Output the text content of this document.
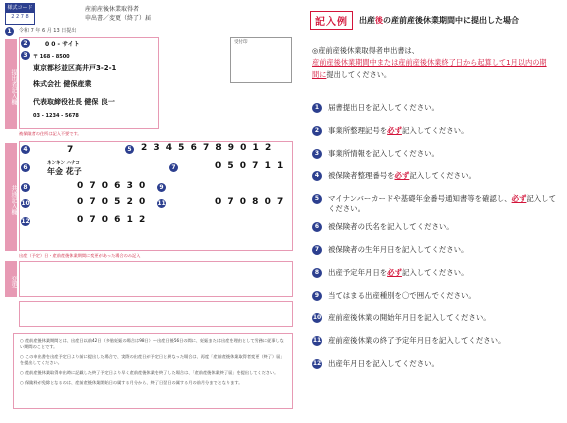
様式コード
2 2 7 8
産前産後休業取得者
申出書／変更（終了）届
1	令和 7 年 6 月 13 日提出
提出者記入欄
2	0 0 - サイト
3	〒 168 - 8500
東京都杉並区高井戸3-2-1
株式会社 健保産業
代表取締役社長 健保 良一
03 - 1234 - 5678
受付印
被保険者の住所は記入不要です。
共通記入欄
4	7	5 2 3 4 5 6 7 8 9 0 1 2
6
ネンキン ハナコ
年金 花子	7	0 5 0 7 1 1
8	0 7 0 6 3 0	9
10	0 7 0 5 2 0 11	0 7 0 8 0 7
12	0 7 0 6 1 2
出産（予定）日・産前産後休業期間に変更があった場合のみ記入
変更

○ 産前産後休業期間とは、出産日以前42日（多胎妊娠の場合は98日）～出産日後56日の間に、妊娠または出産を理由として労務に従事しない期間のことです。

○ この申出書を出産予定日より前に提出した場合で、実際の出産日が予定日と異なった場合は、再度「産前産後休業取得者変更（終了）届」を提出してください。

○ 産前産後休業取得申出時に記載した終了予定日より早く産前産後休業を終了した場合は、「産前産後休業終了届」を提出してください。

○ 保険料が免除となるのは、産前産後休業開始日の属する月分から、終了日翌日の属する月の前月分までとなります。

記入例	出産後の産前産後休業期間中に提出した場合
◎産前産後休業取得者申出書は、
産前産後休業期間中または産前産後休業終了日から起算して1月以内の期間に提出してください。
1	届書提出日を記入してください。
2	事業所整理記号を必ず記入してください。
3	事業所情報を記入してください。
4	被保険者整理番号を必ず記入してください。
5	マイナンバーカードや基礎年金番号通知書等を確認し、必ず記入してください。
6	被保険者の氏名を記入してください。
7	被保険者の生年月日を記入してください。
8	出産予定年月日を必ず記入してください。
9	当てはまる出産種別を〇で囲んでください。
10 産前産後休業の開始年月日を記入してください。
11 産前産後休業の終了予定年月日を記入してください。
12 出産年月日を記入してください。
